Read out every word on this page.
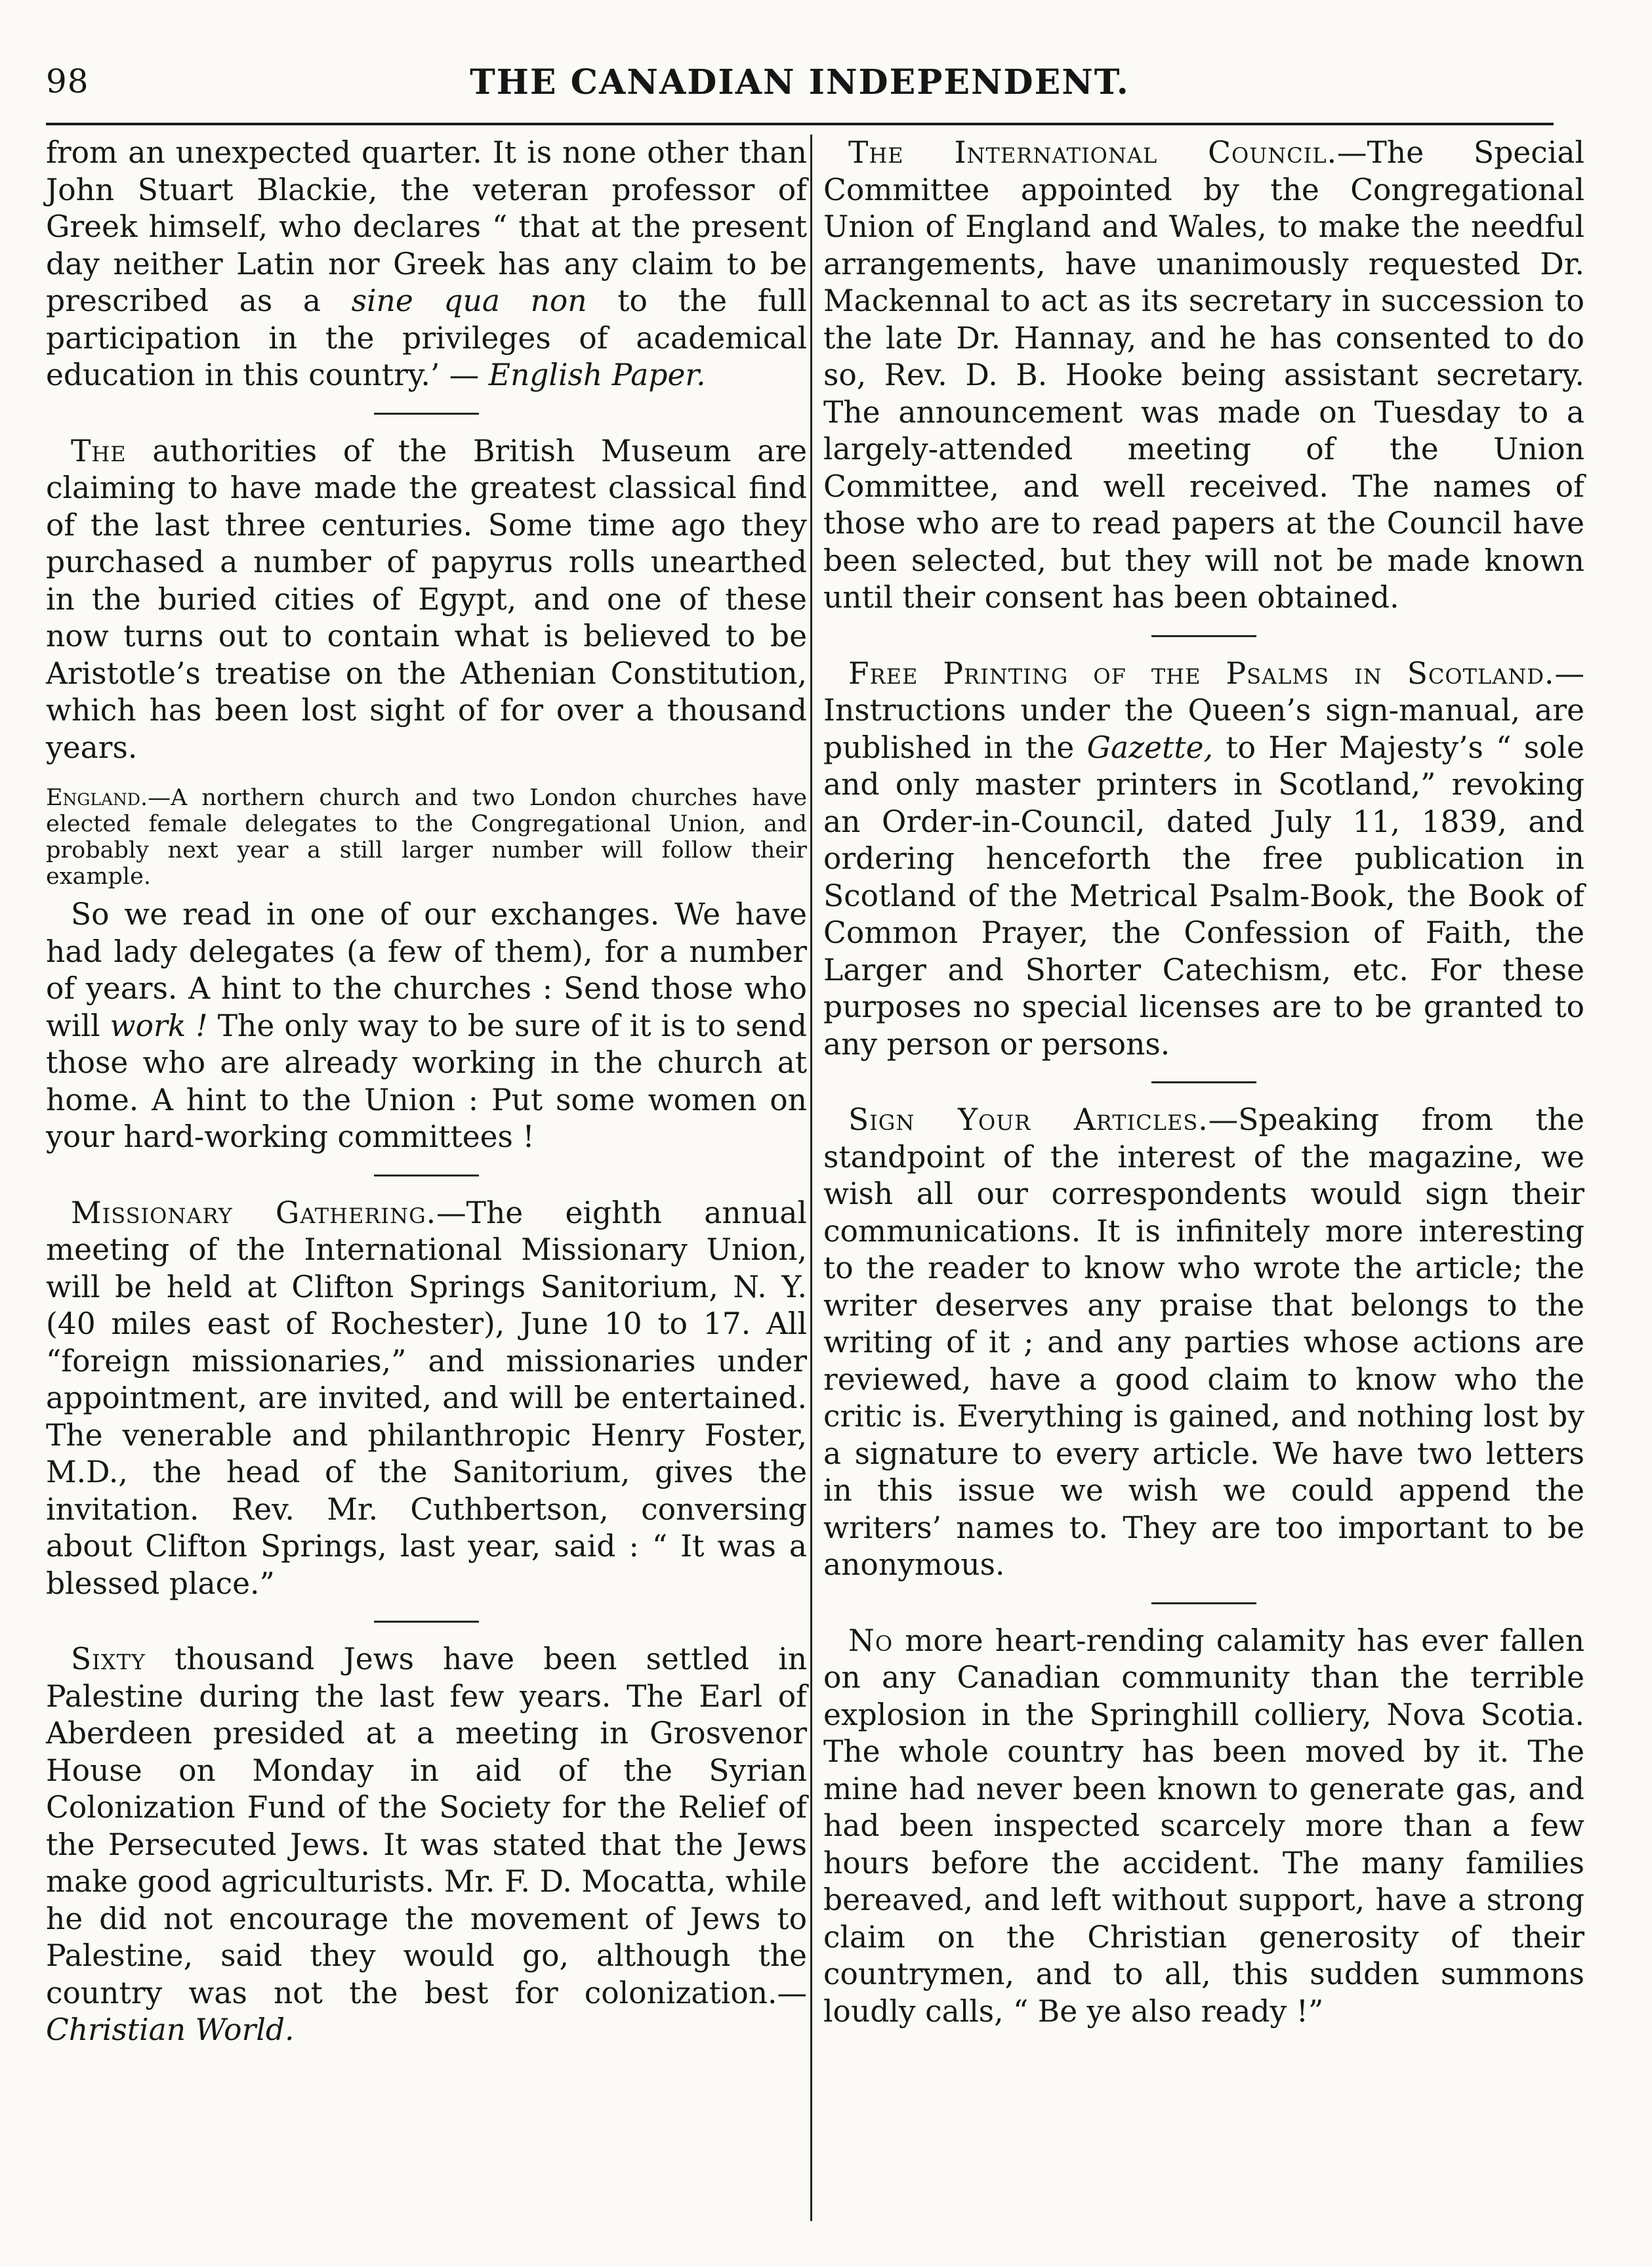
98	THE CANADIAN INDEPENDENT.

from an unexpected quarter. It is none other than John Stuart Blackie, the veteran professor of Greek himself, who declares “ that at the present day neither Latin nor Greek has any claim to be prescribed as a sine qua non to the full participation in the privileges of academical education in this country.’ — English Paper.

The authorities of the British Museum are claiming to have made the greatest classical find of the last three centuries. Some time ago they purchased a number of papyrus rolls unearthed in the buried cities of Egypt, and one of these now turns out to contain what is believed to be Aristotle’s treatise on the Athenian Constitution, which has been lost sight of for over a thousand years.

England.—A northern church and two London churches have elected female delegates to the Congregational Union, and probably next year a still larger number will follow their example.

So we read in one of our exchanges. We have had lady delegates (a few of them), for a number of years. A hint to the churches : Send those who will work ! The only way to be sure of it is to send those who are already working in the church at home. A hint to the Union : Put some women on your hard-working committees !

Missionary Gathering.—The eighth annual meeting of the International Missionary Union, will be held at Clifton Springs Sanitorium, N. Y. (40 miles east of Rochester), June 10 to 17. All “foreign missionaries,” and missionaries under appointment, are invited, and will be entertained. The venerable and philanthropic Henry Foster, M.D., the head of the Sanitorium, gives the invitation. Rev. Mr. Cuthbertson, conversing about Clifton Springs, last year, said : “ It was a blessed place.”

Sixty thousand Jews have been settled in Palestine during the last few years. The Earl of Aberdeen presided at a meeting in Grosvenor House on Monday in aid of the Syrian Colonization Fund of the Society for the Relief of the Persecuted Jews. It was stated that the Jews make good agriculturists. Mr. F. D. Mocatta, while he did not encourage the movement of Jews to Palestine, said they would go, although the country was not the best for colonization.—Christian World.

The International Council.—The Special Committee appointed by the Congregational Union of England and Wales, to make the needful arrangements, have unanimously requested Dr. Mackennal to act as its secretary in succession to the late Dr. Hannay, and he has consented to do so, Rev. D. B. Hooke being assistant secretary. The announcement was made on Tuesday to a largely-attended meeting of the Union Committee, and well received. The names of those who are to read papers at the Council have been selected, but they will not be made known until their consent has been obtained.

Free Printing of the Psalms in Scotland.—Instructions under the Queen’s sign-manual, are published in the Gazette, to Her Majesty’s “ sole and only master printers in Scotland,” revoking an Order-in-Council, dated July 11, 1839, and ordering henceforth the free publication in Scotland of the Metrical Psalm-Book, the Book of Common Prayer, the Confession of Faith, the Larger and Shorter Catechism, etc. For these purposes no special licenses are to be granted to any person or persons.

Sign Your Articles.—Speaking from the standpoint of the interest of the magazine, we wish all our correspondents would sign their communications. It is infinitely more interesting to the reader to know who wrote the article; the writer deserves any praise that belongs to the writing of it ; and any parties whose actions are reviewed, have a good claim to know who the critic is. Everything is gained, and nothing lost by a signature to every article. We have two letters in this issue we wish we could append the writers’ names to. They are too important to be anonymous.

No more heart-rending calamity has ever fallen on any Canadian community than the terrible explosion in the Springhill colliery, Nova Scotia. The whole country has been moved by it. The mine had never been known to generate gas, and had been inspected scarcely more than a few hours before the accident. The many families bereaved, and left without support, have a strong claim on the Christian generosity of their countrymen, and to all, this sudden summons loudly calls, “ Be ye also ready !”
